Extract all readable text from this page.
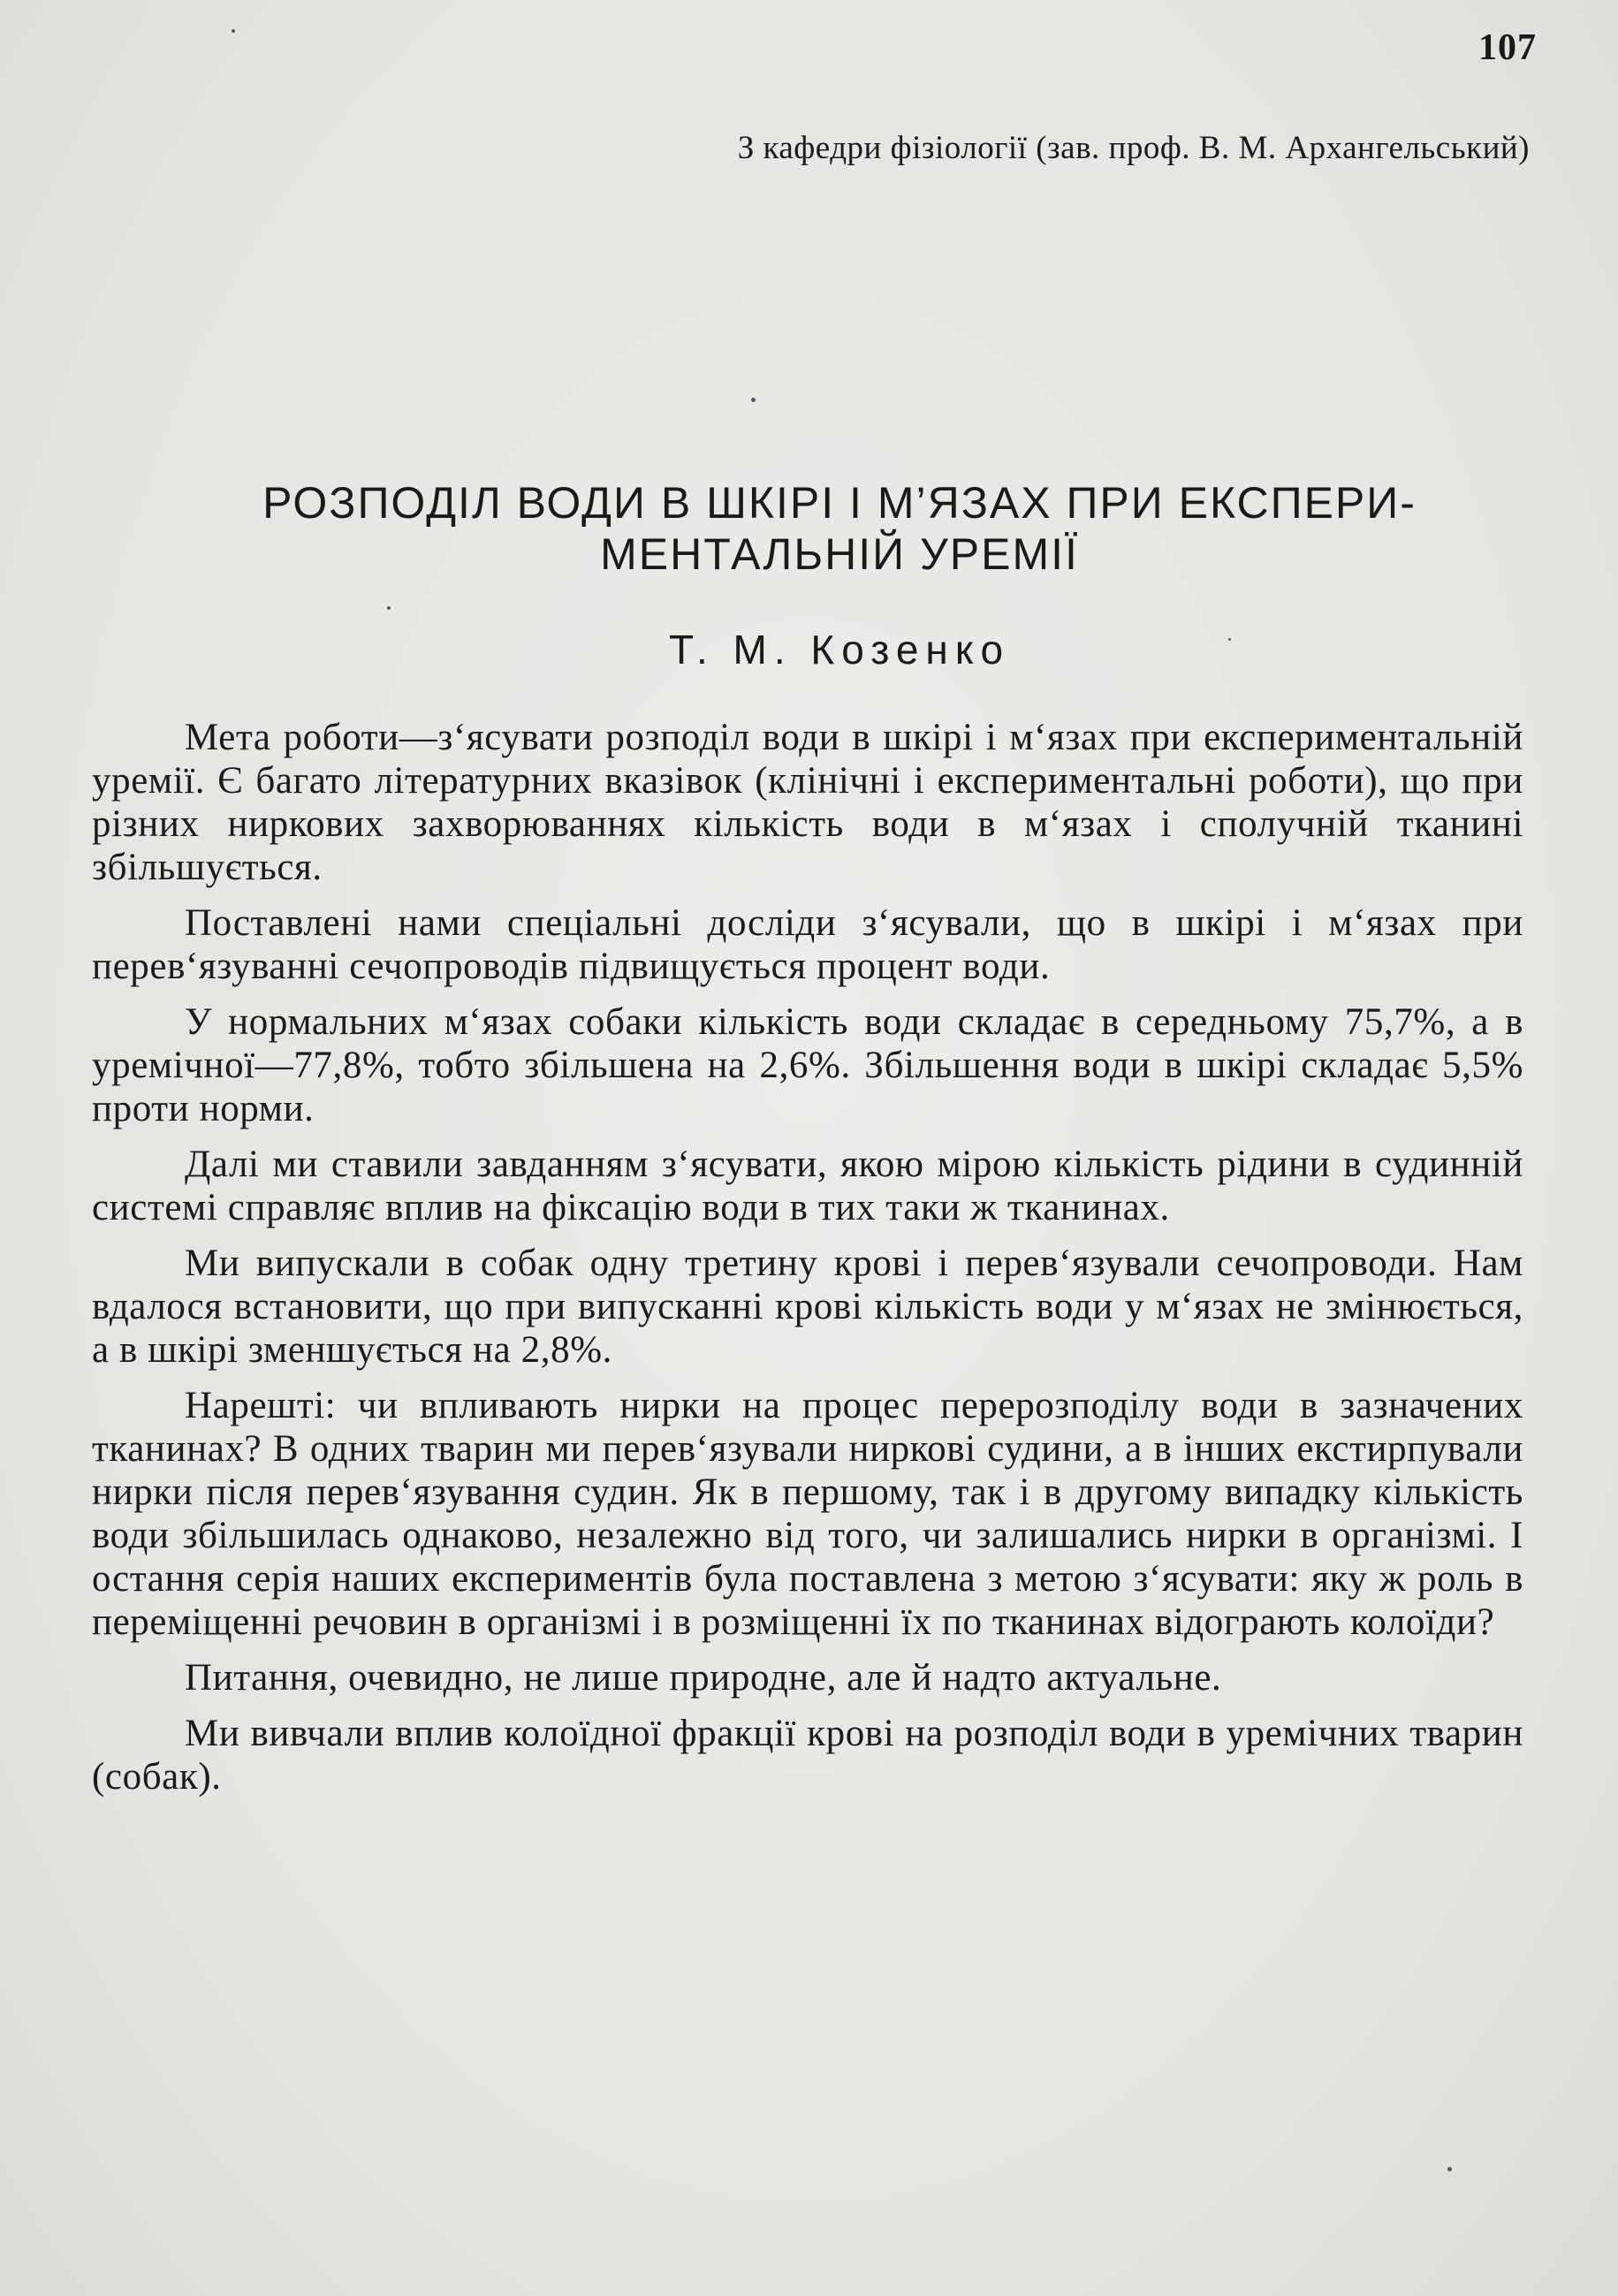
107
З кафедри фізіології (зав. проф. В. М. Архангельський)
РОЗПОДІЛ ВОДИ В ШКІРІ І М’ЯЗАХ ПРИ ЕКСПЕРИ-
МЕНТАЛЬНІЙ УРЕМІЇ
Т. М. Козенко

Мета роботи—з‘ясувати розподіл води в шкірі і м‘язах при експериментальній уремії. Є багато літературних вказівок (клінічні і експериментальні роботи), що при різних ниркових захворюваннях кількість води в м‘язах і сполучній тканині збільшується.

Поставлені нами спеціальні досліди з‘ясували, що в шкірі і м‘язах при перев‘язуванні сечопроводів підвищується процент води.

У нормальних м‘язах собаки кількість води складає в середньому 75,7%, а в уремічної—77,8%, тобто збільшена на 2,6%. Збільшення води в шкірі складає 5,5% проти норми.

Далі ми ставили завданням з‘ясувати, якою мірою кількість рідини в судинній системі справляє вплив на фіксацію води в тих таки ж тканинах.

Ми випускали в собак одну третину крові і перев‘язували сечопроводи. Нам вдалося встановити, що при випусканні крові кількість води у м‘язах не змінюється, а в шкірі зменшується на 2,8%.

Нарешті: чи впливають нирки на процес перерозподілу води в зазначених тканинах? В одних тварин ми перев‘язували ниркові судини, а в інших екстирпували нирки після перев‘язування судин. Як в першому, так і в другому випадку кількість води збільшилась однаково, незалежно від того, чи залишались нирки в організмі. І остання серія наших експериментів була поставлена з метою з‘ясувати: яку ж роль в переміщенні речовин в організмі і в розміщенні їх по тканинах відограють колоїди?

Питання, очевидно, не лише природне, але й надто актуальне.

Ми вивчали вплив колоїдної фракції крові на розподіл води в уремічних тварин (собак).
